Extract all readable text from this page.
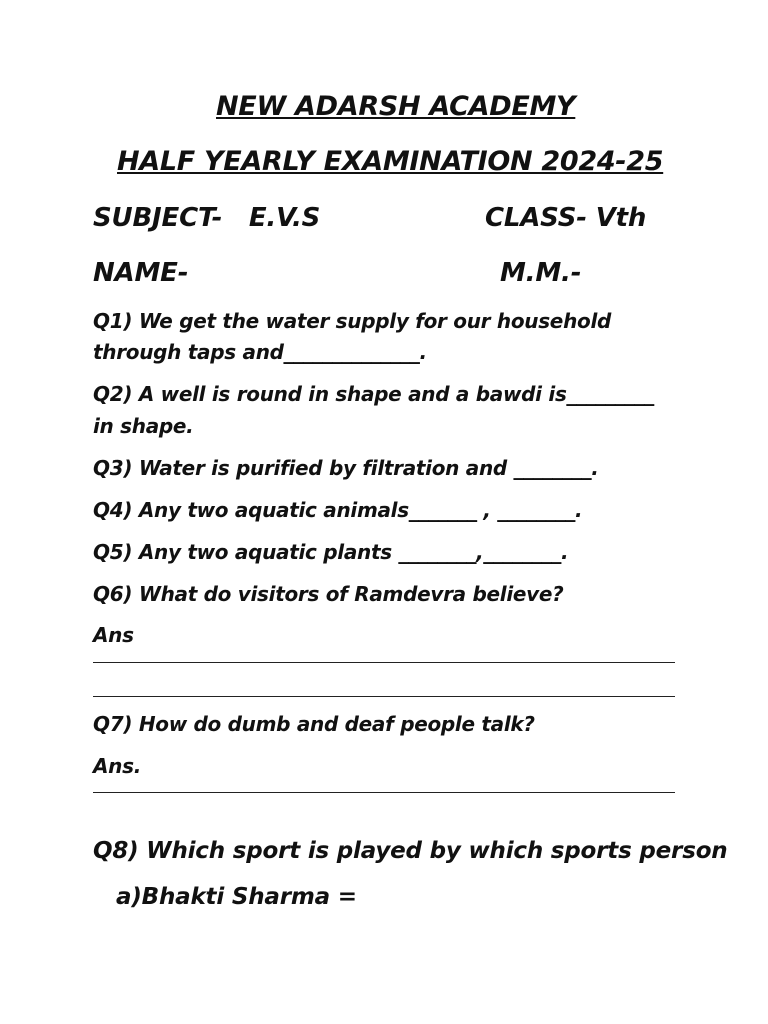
NEW ADARSH ACADEMY
HALF YEARLY EXAMINATION 2024-25
SUBJECT-   E.V.S	CLASS- Vth
NAME-	M.M.-
Q1) We get the water supply for our household
through taps and______________.
Q2) A well is round in shape and a bawdi is_________
in shape.
Q3) Water is purified by filtration and ________.
Q4) Any two aquatic animals_______ , ________.
Q5) Any two aquatic plants ________,________.
Q6) What do visitors of Ramdevra believe?
Ans
Q7) How do dumb and deaf people talk?
Ans.
Q8) Which sport is played by which sports person
a)Bhakti Sharma =
